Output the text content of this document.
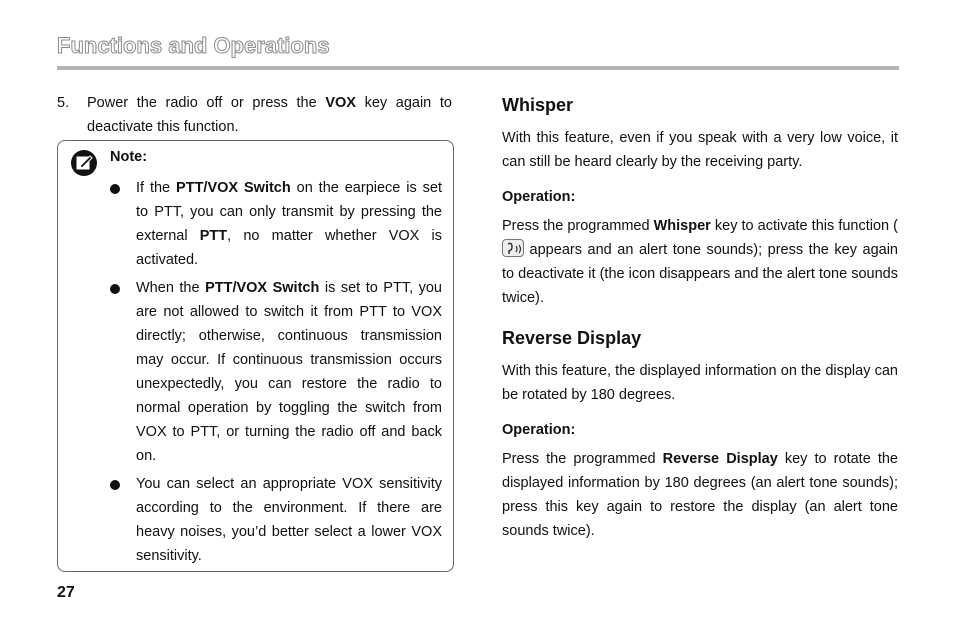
Functions and Operations
5. Power the radio off or press the VOX key again to deactivate this function.
Note:
If the PTT/VOX Switch on the earpiece is set to PTT, you can only transmit by pressing the external PTT, no matter whether VOX is activated.
When the PTT/VOX Switch is set to PTT, you are not allowed to switch it from PTT to VOX directly; otherwise, continuous transmission may occur. If continuous transmission occurs unexpectedly, you can restore the radio to normal operation by toggling the switch from VOX to PTT, or turning the radio off and back on.
You can select an appropriate VOX sensitivity according to the environment. If there are heavy noises, you’d better select a lower VOX sensitivity.
Whisper
With this feature, even if you speak with a very low voice, it can still be heard clearly by the receiving party.
Operation:
Press the programmed Whisper key to activate this function ( appears and an alert tone sounds); press the key again to deactivate it (the icon disappears and the alert tone sounds twice).
Reverse Display
With this feature, the displayed information on the display can be rotated by 180 degrees.
Operation:
Press the programmed Reverse Display key to rotate the displayed information by 180 degrees (an alert tone sounds); press this key again to restore the display (an alert tone sounds twice).
27
